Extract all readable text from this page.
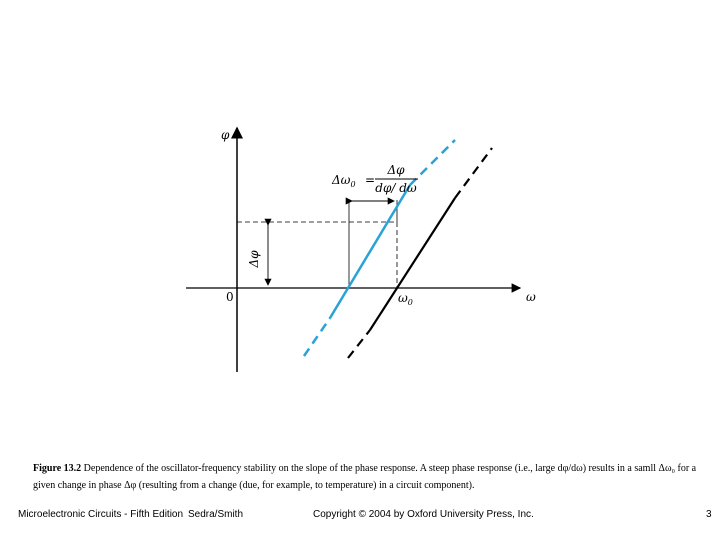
φ
ω
0	$\omega_0$
Δφ
$\Delta\omega_0$ =
Δφ
dφ/ dω

Figure 13.2 Dependence of the oscillator-frequency stability on the slope of the phase response. A steep phase response (i.e., large dφ/dω) results in a samll Δω₀ for a given change in phase Δφ (resulting from a change (due, for example, to temperature) in a circuit component).

Microelectronic Circuits - Fifth Edition Sedra/Smith	Copyright © 2004 by Oxford University Press, Inc.	3
